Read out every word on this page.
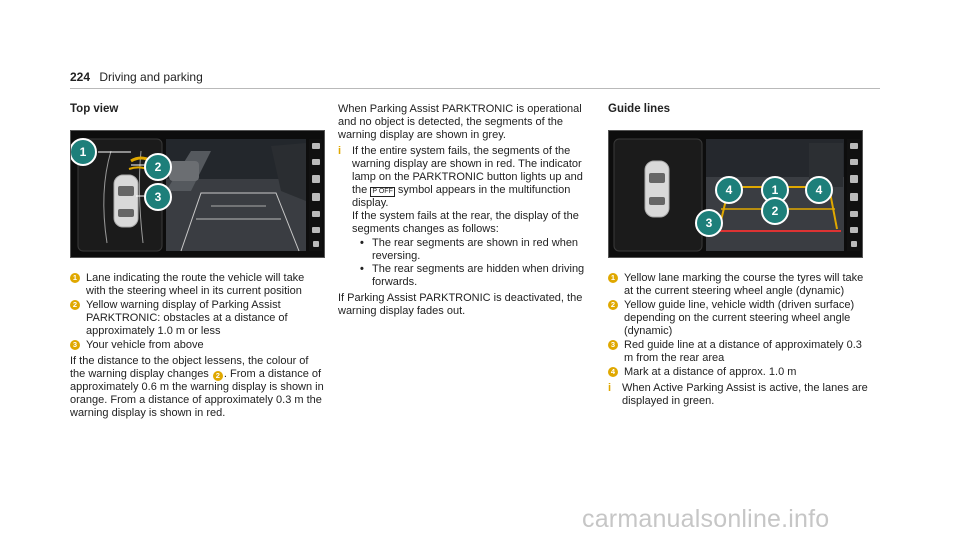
224 Driving and parking
Top view
1
2
3
1 Lane indicating the route the vehicle will take with the steering wheel in its current position
2 Yellow warning display of Parking Assist PARKTRONIC: obstacles at a distance of approximately 1.0 m or less
3 Your vehicle from above

If the distance to the object lessens, the colour of the warning display changes 2 . From a distance of approximately 0.6 m the warning display is shown in orange. From a distance of approximately 0.3 m the warning display is shown in red.

When Parking Assist PARKTRONIC is operational and no object is detected, the segments of the warning display are shown in grey.

i If the entire system fails, the segments of the warning display are shown in red. The indicator lamp on the PARKTRONIC button lights up and the P OFF symbol appears in the multifunction display.

If the system fails at the rear, the display of the segments changes as follows:

• The rear segments are shown in red when reversing.
• The rear segments are hidden when driving forwards.

If Parking Assist PARKTRONIC is deactivated, the warning display fades out.

Guide lines
1
2
3
4	4
1 Yellow lane marking the course the tyres will take at the current steering wheel angle (dynamic)
2 Yellow guide line, vehicle width (driven surface) depending on the current steering wheel angle (dynamic)
3 Red guide line at a distance of approximately 0.3 m from the rear area
4 Mark at a distance of approx. 1.0 m
i When Active Parking Assist is active, the lanes are displayed in green.
carmanualsonline.info
